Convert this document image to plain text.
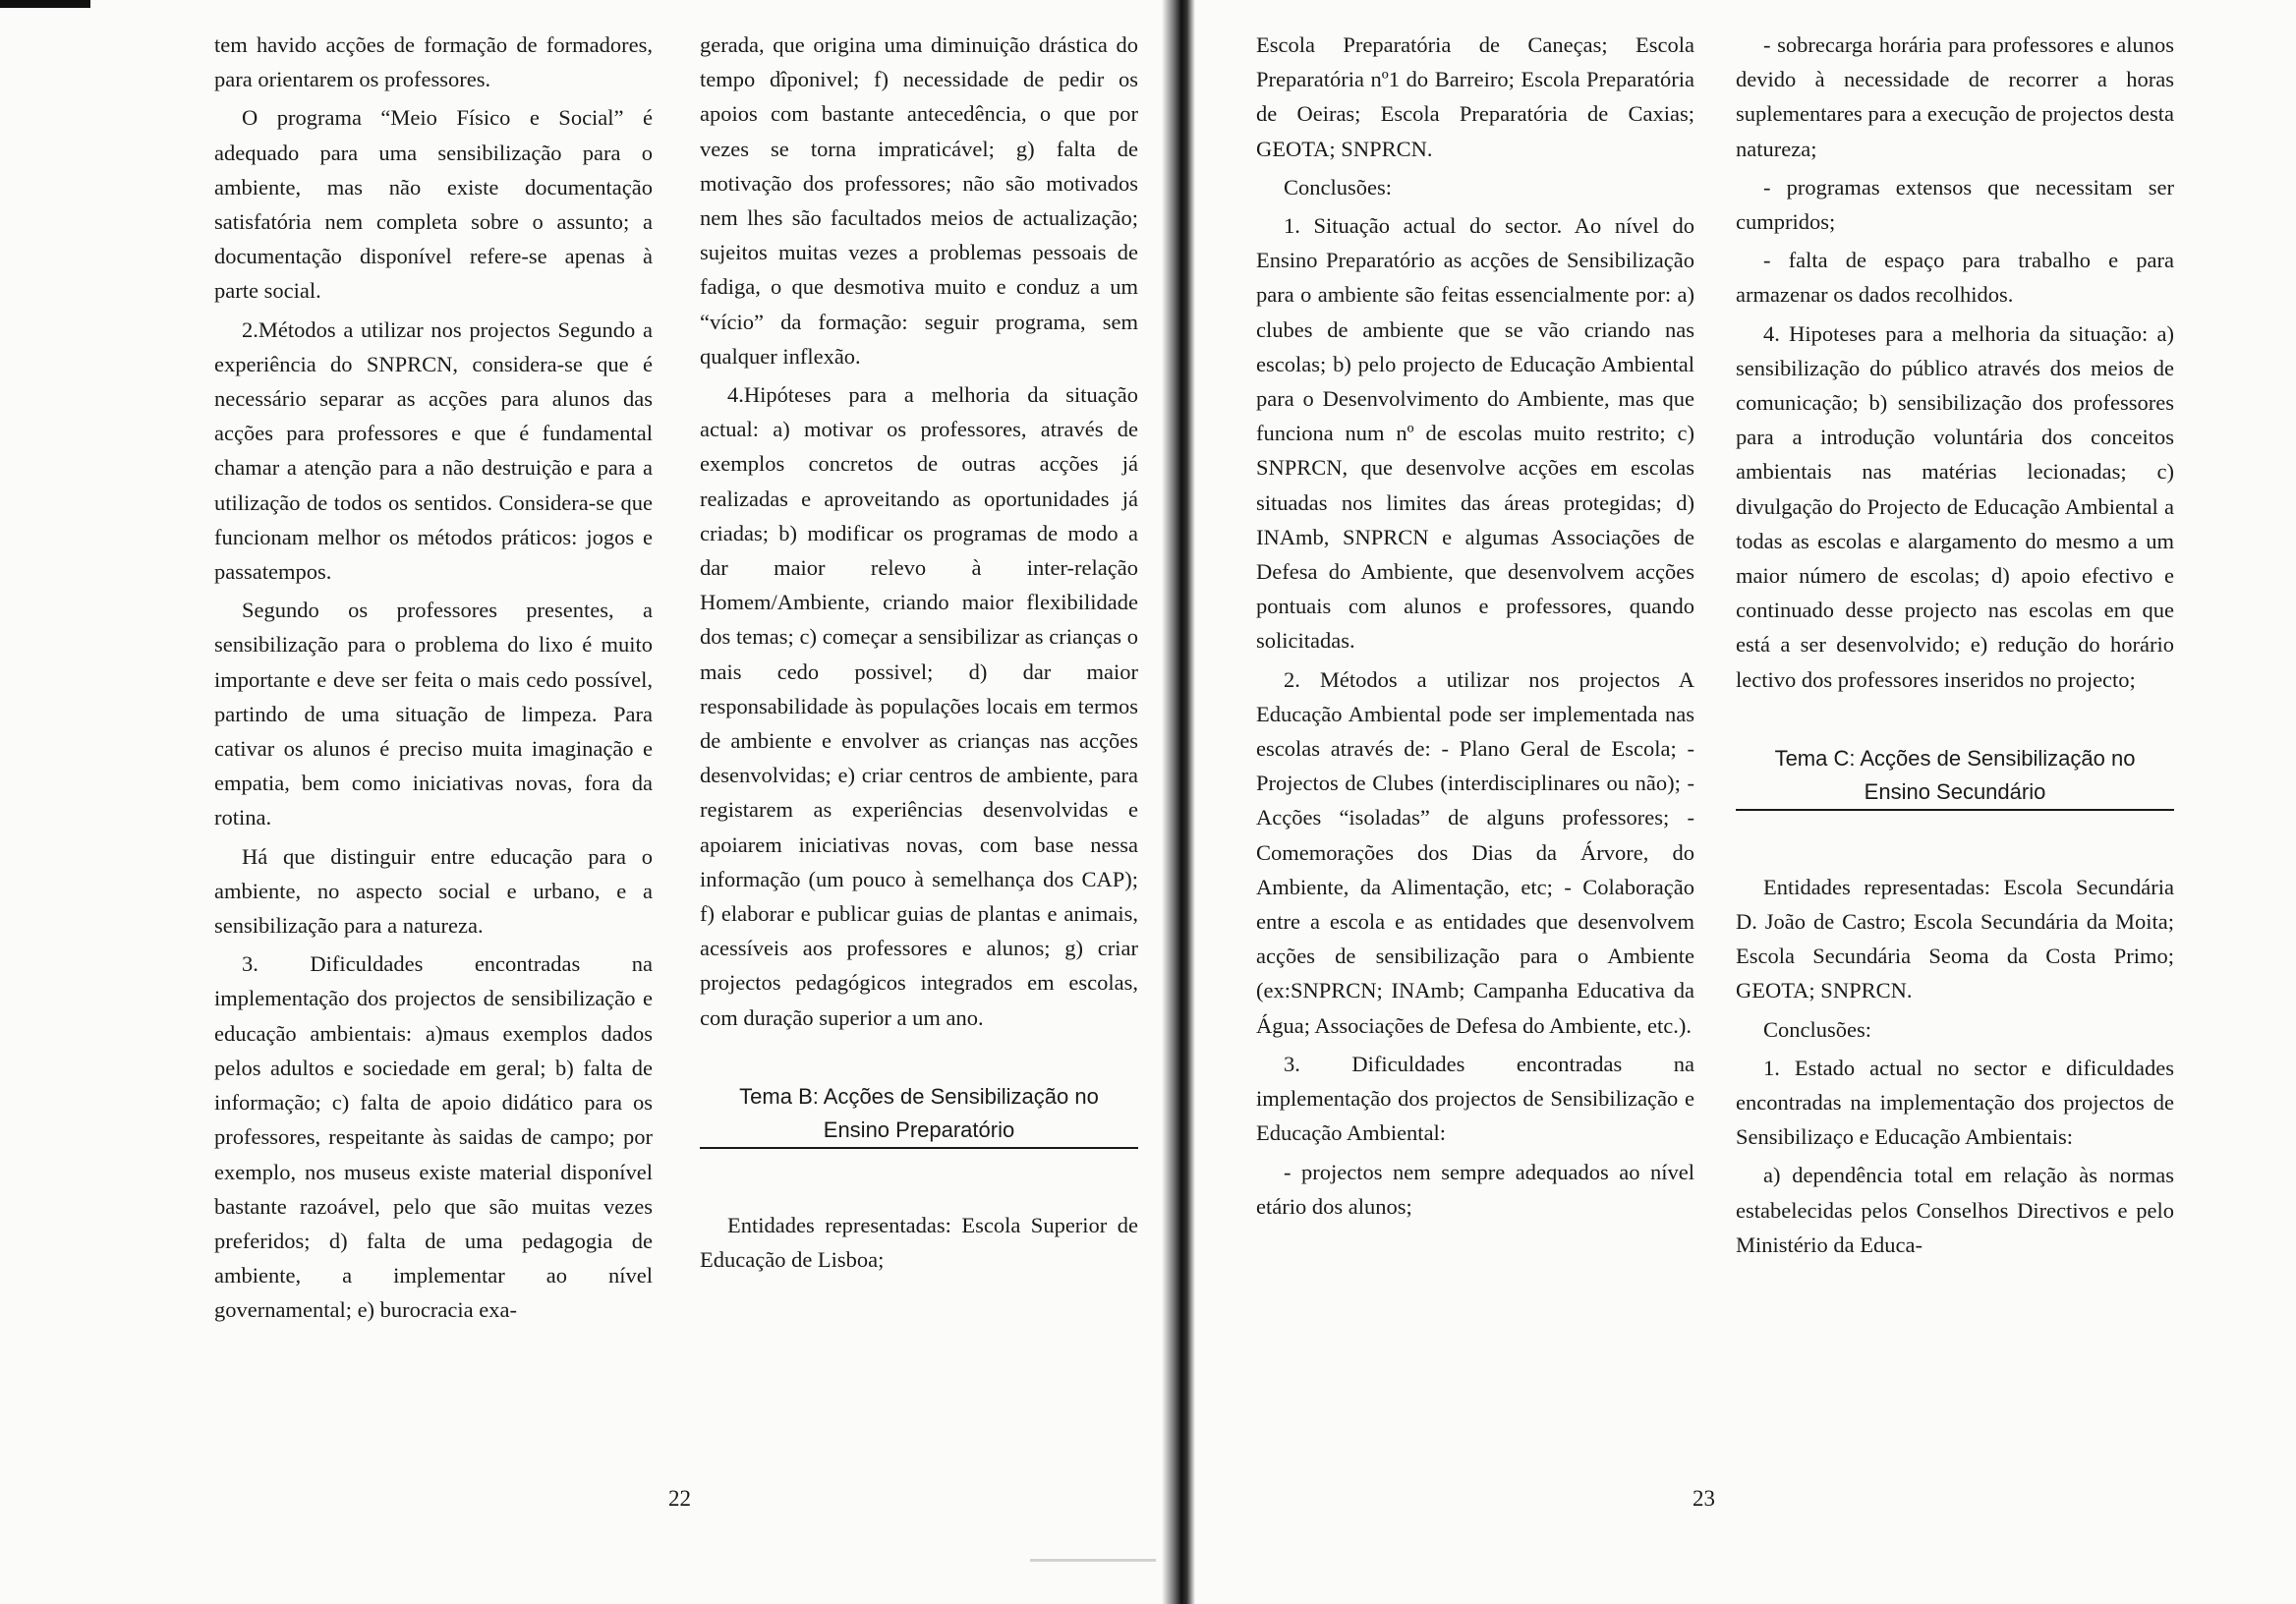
tem havido acções de formação de formadores, para orientarem os professores.

O programa “Meio Físico e Social” é adequado para uma sensibilização para o ambiente, mas não existe documentação satisfatória nem completa sobre o assunto; a documentação disponível refere-se apenas à parte social.

2.Métodos a utilizar nos projectos Segundo a experiência do SNPRCN, considera-se que é necessário separar as acções para alunos das acções para professores e que é fundamental chamar a atenção para a não destruição e para a utilização de todos os sentidos. Considera-se que funcionam melhor os métodos práticos: jogos e passatempos.

Segundo os professores presentes, a sensibilização para o problema do lixo é muito importante e deve ser feita o mais cedo possível, partindo de uma situação de limpeza. Para cativar os alunos é preciso muita imaginação e empatia, bem como iniciativas novas, fora da rotina.

Há que distinguir entre educação para o ambiente, no aspecto social e urbano, e a sensibilização para a natureza.

3. Dificuldades encontradas na implementação dos projectos de sensibilização e educação ambientais: a)maus exemplos dados pelos adultos e sociedade em geral; b) falta de informação; c) falta de apoio didático para os professores, respeitante às saidas de campo; por exemplo, nos museus existe material disponível bastante razoável, pelo que são muitas vezes preferidos; d) falta de uma pedagogia de ambiente, a implementar ao nível governamental; e) burocracia exa-

gerada, que origina uma diminuição drástica do tempo dîponivel; f) necessidade de pedir os apoios com bastante antecedência, o que por vezes se torna impraticável; g) falta de motivação dos professores; não são motivados nem lhes são facultados meios de actualização; sujeitos muitas vezes a problemas pessoais de fadiga, o que desmotiva muito e conduz a um “vício” da formação: seguir programa, sem qualquer inflexão.

4.Hipóteses para a melhoria da situação actual: a) motivar os professores, através de exemplos concretos de outras acções já realizadas e aproveitando as oportunidades já criadas; b) modificar os programas de modo a dar maior relevo à inter-relação Homem/Ambiente, criando maior flexibilidade dos temas; c) começar a sensibilizar as crianças o mais cedo possivel; d) dar maior responsabilidade às populações locais em termos de ambiente e envolver as crianças nas acções desenvolvidas; e) criar centros de ambiente, para registarem as experiências desenvolvidas e apoiarem iniciativas novas, com base nessa informação (um pouco à semelhança dos CAP); f) elaborar e publicar guias de plantas e animais, acessíveis aos professores e alunos; g) criar projectos pedagógicos integrados em escolas, com duração superior a um ano.

Tema B: Acções de Sensibilização no

Ensino Preparatório

Entidades representadas: Escola Superior de Educação de Lisboa;

22

Escola Preparatória de Caneças; Escola Preparatória nº1 do Barreiro; Escola Preparatória de Oeiras; Escola Preparatória de Caxias; GEOTA; SNPRCN.

Conclusões:

1. Situação actual do sector. Ao nível do Ensino Preparatório as acções de Sensibilização para o ambiente são feitas essencialmente por: a) clubes de ambiente que se vão criando nas escolas; b) pelo projecto de Educação Ambiental para o Desenvolvimento do Ambiente, mas que funciona num nº de escolas muito restrito; c) SNPRCN, que desenvolve acções em escolas situadas nos limites das áreas protegidas; d) INAmb, SNPRCN e algumas Associações de Defesa do Ambiente, que desenvolvem acções pontuais com alunos e professores, quando solicitadas.

2. Métodos a utilizar nos projectos A Educação Ambiental pode ser implementada nas escolas através de: - Plano Geral de Escola; - Projectos de Clubes (interdisciplinares ou não); - Acções “isoladas” de alguns professores; - Comemorações dos Dias da Árvore, do Ambiente, da Alimentação, etc; - Colaboração entre a escola e as entidades que desenvolvem acções de sensibilização para o Ambiente (ex:SNPRCN; INAmb; Campanha Educativa da Água; Associações de Defesa do Ambiente, etc.).

3. Dificuldades encontradas na implementação dos projectos de Sensibilização e Educação Ambiental:

- projectos nem sempre adequados ao nível etário dos alunos;

- sobrecarga horária para professores e alunos devido à necessidade de recorrer a horas suplementares para a execução de projectos desta natureza;

- programas extensos que necessitam ser cumpridos;

- falta de espaço para trabalho e para armazenar os dados recolhidos.

4. Hipoteses para a melhoria da situação: a) sensibilização do público através dos meios de comunicação; b) sensibilização dos professores para a introdução voluntária dos conceitos ambientais nas matérias lecionadas; c) divulgação do Projecto de Educação Ambiental a todas as escolas e alargamento do mesmo a um maior número de escolas; d) apoio efectivo e continuado desse projecto nas escolas em que está a ser desenvolvido; e) redução do horário lectivo dos professores inseridos no projecto;

Tema C: Acções de Sensibilização no

Ensino Secundário

Entidades representadas: Escola Secundária D. João de Castro; Escola Secundária da Moita; Escola Secundária Seoma da Costa Primo; GEOTA; SNPRCN.

Conclusões:

1. Estado actual no sector e dificuldades encontradas na implementação dos projectos de Sensibilizaço e Educação Ambientais:

a) dependência total em relação às normas estabelecidas pelos Conselhos Directivos e pelo Ministério da Educa-

23
